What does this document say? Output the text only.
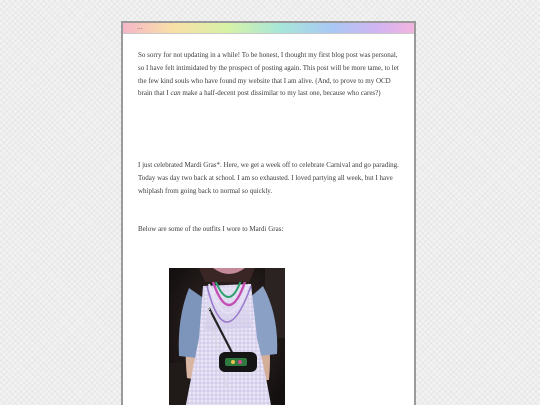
...

So sorry for not updating in a while! To be honest, I thought my first blog post was personal, so I have felt intimidated by the prospect of posting again. This post will be more tame, to let the few kind souls who have found my website that I am alive. (And, to prove to my OCD brain that I can make a half-decent post dissimilar to my last one, because who cares?)

I just celebrated Mardi Gras*. Here, we get a week off to celebrate Carnival and go parading. Today was day two back at school. I am so exhausted. I loved partying all week, but I have whiplash from going back to normal so quickly.

Below are some of the outfits I wore to Mardi Gras:
